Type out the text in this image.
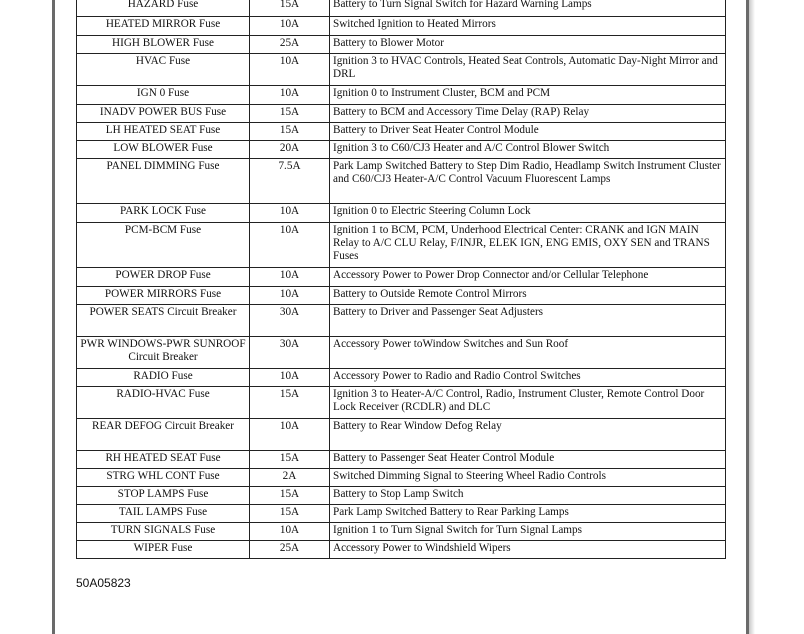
HAZARD Fuse	15A	Battery to Turn Signal Switch for Hazard Warning Lamps
HEATED MIRROR Fuse	10A	Switched Ignition to Heated Mirrors
HIGH BLOWER Fuse	25A	Battery to Blower Motor
HVAC Fuse	10A	Ignition 3 to HVAC Controls, Heated Seat Controls, Automatic Day-Night Mirror and DRL
IGN 0 Fuse	10A	Ignition 0 to Instrument Cluster, BCM and PCM
INADV POWER BUS Fuse	15A	Battery to BCM and Accessory Time Delay (RAP) Relay
LH HEATED SEAT Fuse	15A	Battery to Driver Seat Heater Control Module
LOW BLOWER Fuse	20A	Ignition 3 to C60/CJ3 Heater and A/C Control Blower Switch
PANEL DIMMING Fuse	7.5A	Park Lamp Switched Battery to Step Dim Radio, Headlamp Switch Instrument Cluster and C60/CJ3 Heater-A/C Control Vacuum Fluorescent Lamps
PARK LOCK Fuse	10A	Ignition 0 to Electric Steering Column Lock
PCM-BCM Fuse	10A	Ignition 1 to BCM, PCM, Underhood Electrical Center: CRANK and IGN MAIN Relay to A/C CLU Relay, F/INJR, ELEK IGN, ENG EMIS, OXY SEN and TRANS Fuses
POWER DROP Fuse	10A	Accessory Power to Power Drop Connector and/or Cellular Telephone
POWER MIRRORS Fuse	10A	Battery to Outside Remote Control Mirrors
POWER SEATS Circuit Breaker	30A	Battery to Driver and Passenger Seat Adjusters
PWR WINDOWS-PWR SUNROOF Circuit Breaker	30A	Accessory Power toWindow Switches and Sun Roof
RADIO Fuse	10A	Accessory Power to Radio and Radio Control Switches
RADIO-HVAC Fuse	15A	Ignition 3 to Heater-A/C Control, Radio, Instrument Cluster, Remote Control Door Lock Receiver (RCDLR) and DLC
REAR DEFOG Circuit Breaker	10A	Battery to Rear Window Defog Relay
RH HEATED SEAT Fuse	15A	Battery to Passenger Seat Heater Control Module
STRG WHL CONT Fuse	2A	Switched Dimming Signal to Steering Wheel Radio Controls
STOP LAMPS Fuse	15A	Battery to Stop Lamp Switch
TAIL LAMPS Fuse	15A	Park Lamp Switched Battery to Rear Parking Lamps
TURN SIGNALS Fuse	10A	Ignition 1 to Turn Signal Switch for Turn Signal Lamps
WIPER Fuse	25A	Accessory Power to Windshield Wipers
50A05823
